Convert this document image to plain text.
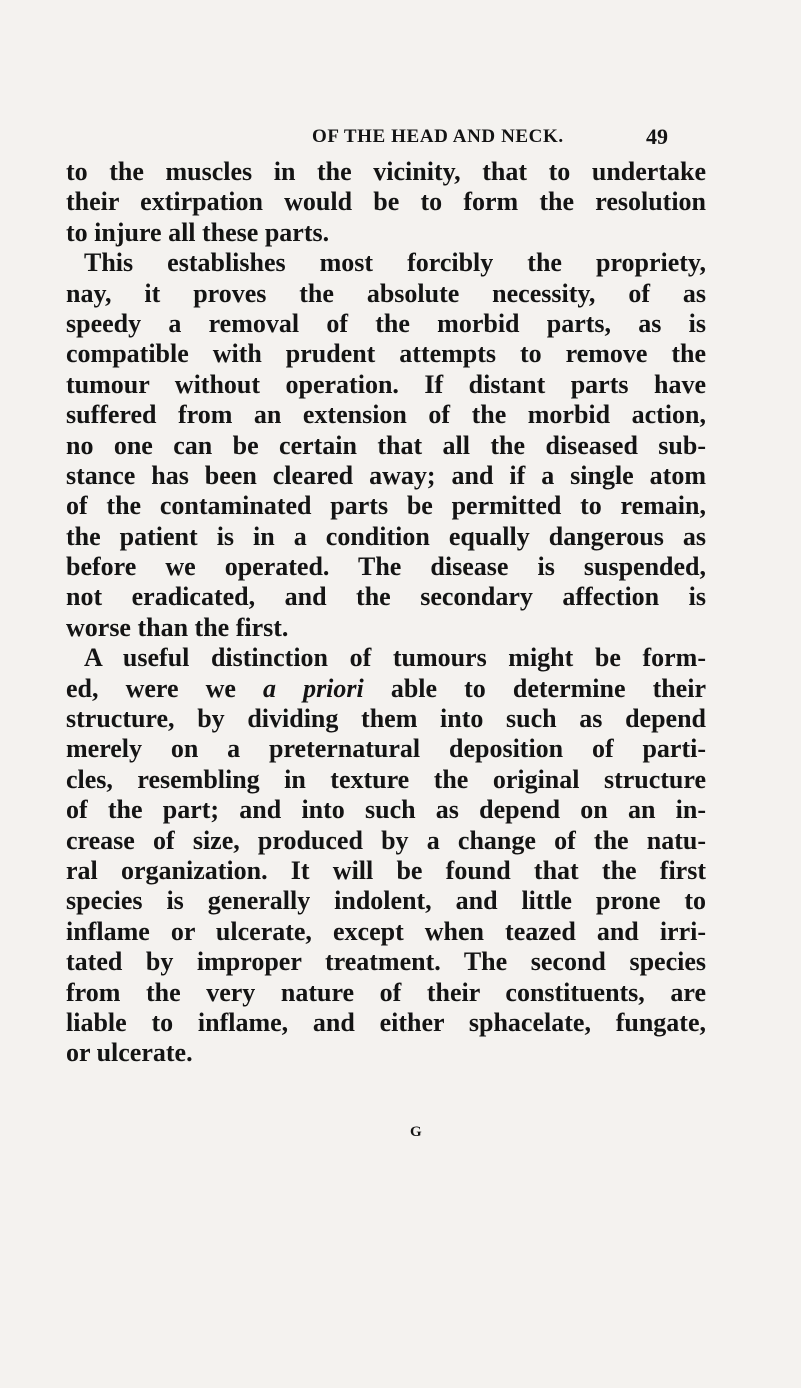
OF THE HEAD AND NECK.	49
to the muscles in the vicinity, that to undertake
their extirpation would be to form the resolution
to injure all these parts.
This establishes most forcibly the propriety,
nay, it proves the absolute necessity, of as
speedy a removal of the morbid parts, as is
compatible with prudent attempts to remove the
tumour without operation. If distant parts have
suffered from an extension of the morbid action,
no one can be certain that all the diseased sub-
stance has been cleared away; and if a single atom
of the contaminated parts be permitted to remain,
the patient is in a condition equally dangerous as
before we operated. The disease is suspended,
not eradicated, and the secondary affection is
worse than the first.
A useful distinction of tumours might be form-
ed, were we a priori able to determine their
structure, by dividing them into such as depend
merely on a preternatural deposition of parti-
cles, resembling in texture the original structure
of the part; and into such as depend on an in-
crease of size, produced by a change of the natu-
ral organization. It will be found that the first
species is generally indolent, and little prone to
inflame or ulcerate, except when teazed and irri-
tated by improper treatment. The second species
from the very nature of their constituents, are
liable to inflame, and either sphacelate, fungate,
or ulcerate.
G
